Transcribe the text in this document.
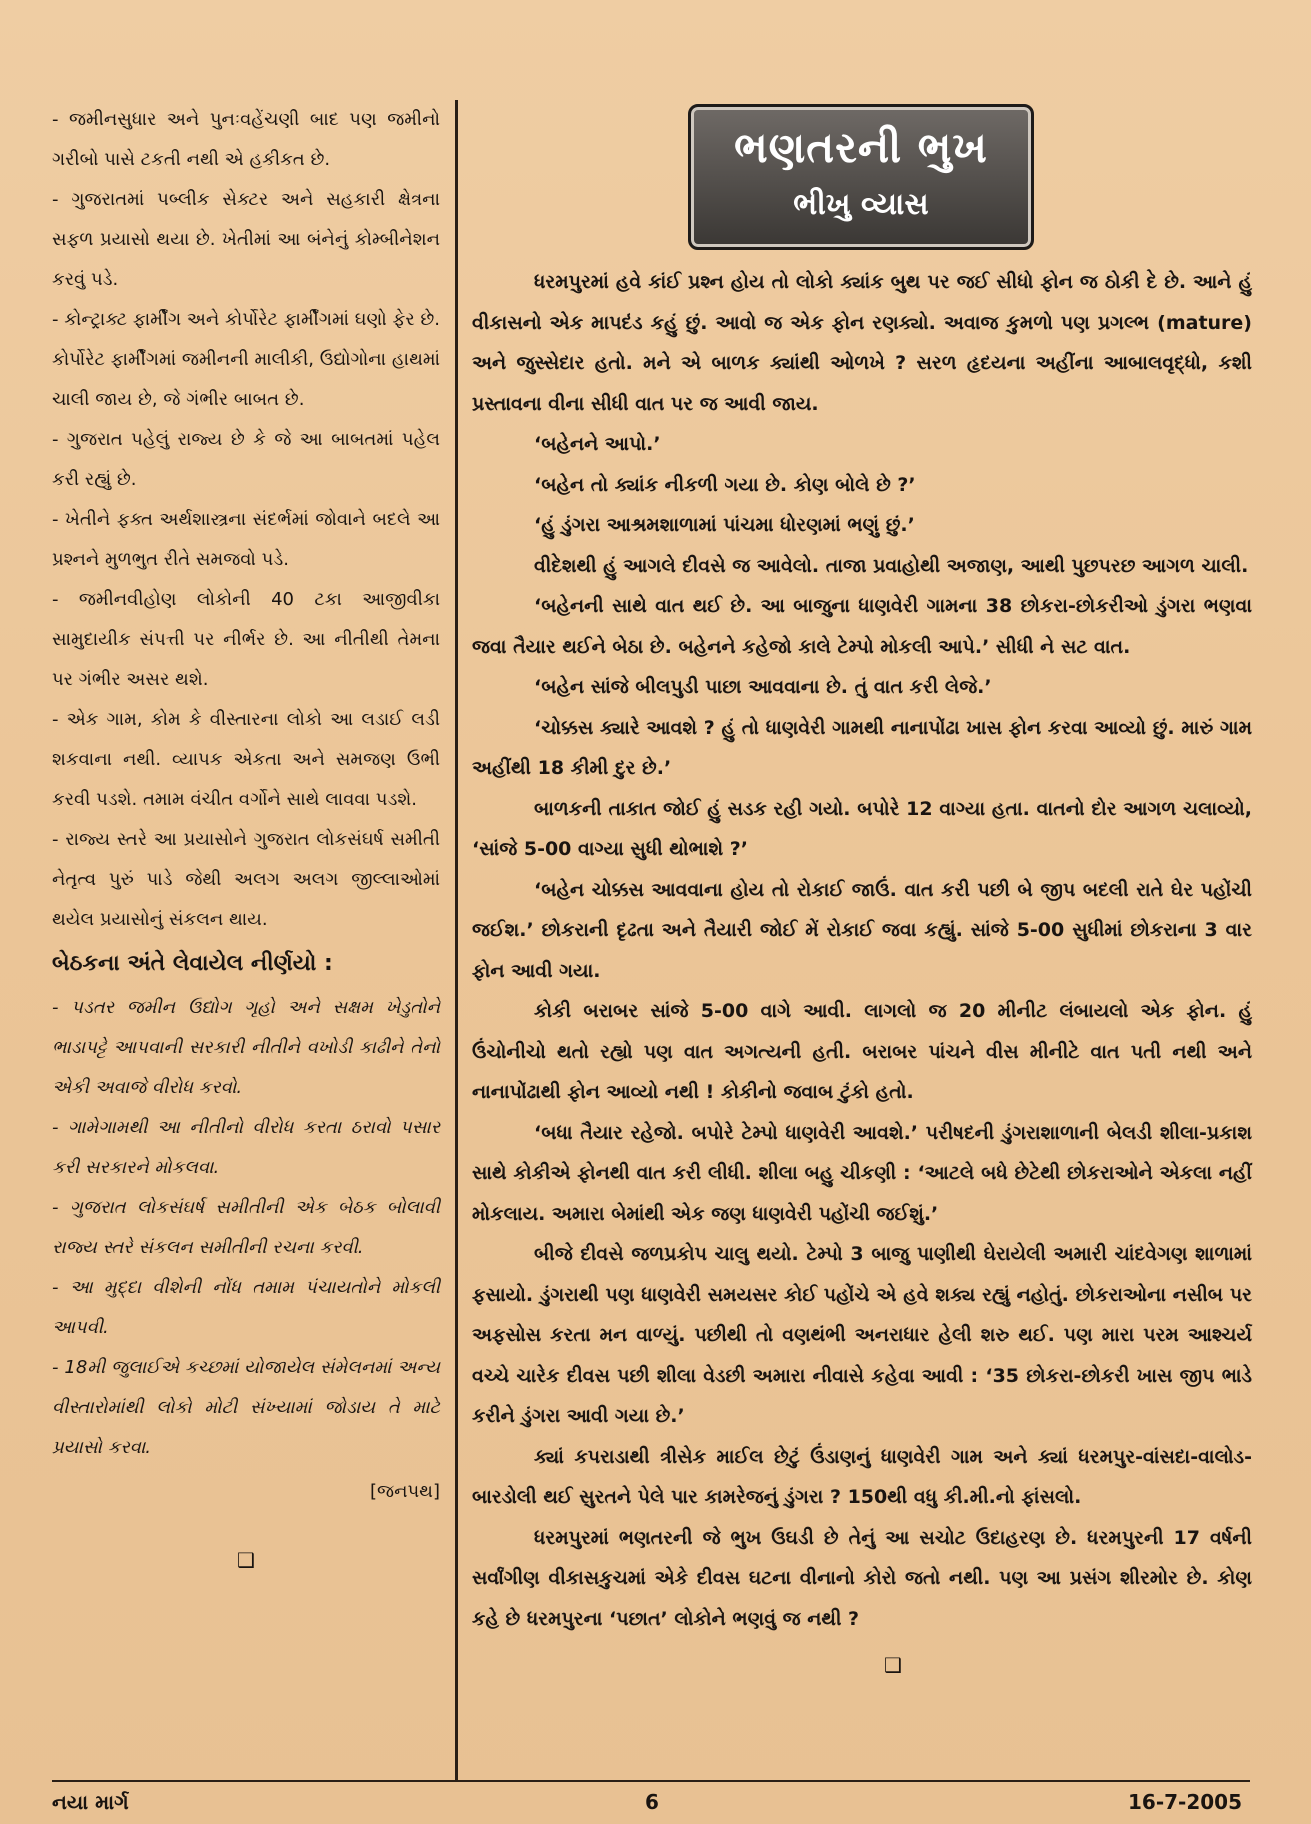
- જમીનસુધાર અને પુનઃવહેંચણી બાદ પણ જમીનો ગરીબો પાસે ટકતી નથી એ હકીકત છે.

- ગુજરાતમાં પબ્લીક સેક્ટર અને સહકારી ક્ષેત્રના સફળ પ્રયાસો થયા છે. ખેતીમાં આ બંનેનું કોમ્બીનેશન કરવું પડે.

- કોન્ટ્રાક્ટ ફાર્મીંગ અને કોર્પોરેટ ફાર્મીંગમાં ઘણો ફેર છે. કોર્પોરેટ ફાર્મીંગમાં જમીનની માલીકી, ઉદ્યોગોના હાથમાં ચાલી જાય છે, જે ગંભીર બાબત છે.

- ગુજરાત પહેલું રાજ્ય છે કે જે આ બાબતમાં પહેલ કરી રહ્યું છે.

- ખેતીને ફક્ત અર્થશાસ્ત્રના સંદર્ભમાં જોવાને બદલે આ પ્રશ્નને મુળભુત રીતે સમજવો પડે.

- જમીનવીહોણ લોકોની 40 ટકા આજીવીકા સામુદાયીક સંપત્તી પર નીર્ભર છે. આ નીતીથી તેમના પર ગંભીર અસર થશે.

- એક ગામ, કોમ કે વીસ્તારના લોકો આ લડાઈ લડી શકવાના નથી. વ્યાપક એકતા અને સમજણ ઉભી કરવી પડશે. તમામ વંચીત વર્ગોને સાથે લાવવા પડશે.

- રાજ્ય સ્તરે આ પ્રયાસોને ગુજરાત લોકસંઘર્ષ સમીતી નેતૃત્વ પુરું પાડે જેથી અલગ અલગ જીલ્લાઓમાં થયેલ પ્રયાસોનું સંકલન થાય.

બેઠકના અંતે લેવાયેલ નીર્ણયો :

- પડતર જમીન ઉદ્યોગ ગૃહો અને સક્ષમ ખેડુતોને ભાડાપટ્ટે આપવાની સરકારી નીતીને વખોડી કાઢીને તેનો એકી અવાજે વીરોધ કરવો.

- ગામેગામથી આ નીતીનો વીરોધ કરતા ઠરાવો પસાર કરી સરકારને મોકલવા.

- ગુજરાત લોકસંઘર્ષ સમીતીની એક બેઠક બોલાવી રાજ્ય સ્તરે સંકલન સમીતીની રચના કરવી.

- આ મુદ્દા વીશેની નોંધ તમામ પંચાયતોને મોકલી આપવી.

- 18મી જુલાઈએ કચ્છમાં યોજાયેલ સંમેલનમાં અન્ય વીસ્તારોમાંથી લોકો મોટી સંખ્યામાં જોડાય તે માટે પ્રયાસો કરવા.

[જનપથ]

❑

ભણતરની ભુખ
ભીખુ વ્યાસ

ધરમપુરમાં હવે કાંઈ પ્રશ્ન હોય તો લોકો ક્યાંક બુથ પર જઈ સીધો ફોન જ ઠોકી દે છે. આને હું વીકાસનો એક માપદંડ કહું છું. આવો જ એક ફોન રણક્યો. અવાજ કુમળો પણ પ્રગલ્ભ (mature) અને જુસ્સેદાર હતો. મને એ બાળક ક્યાંથી ઓળખે ? સરળ હૃદયના અહીંના આબાલવૃદ્ધો, કશી પ્રસ્તાવના વીના સીધી વાત પર જ આવી જાય.

‘બહેનને આપો.’

‘બહેન તો ક્યાંક નીકળી ગયા છે. કોણ બોલે છે ?’

‘હું ડુંગરા આશ્રમશાળામાં પાંચમા ધોરણમાં ભણું છું.’

વીદેશથી હું આગલે દીવસે જ આવેલો. તાજા પ્રવાહોથી અજાણ, આથી પુછપરછ આગળ ચાલી.

‘બહેનની સાથે વાત થઈ છે. આ બાજુના ધાણવેરી ગામના 38 છોકરા-છોકરીઓ ડુંગરા ભણવા જવા તૈયાર થઈને બેઠા છે. બહેનને કહેજો કાલે ટેમ્પો મોકલી આપે.’ સીધી ને સટ વાત.

‘બહેન સાંજે બીલપુડી પાછા આવવાના છે. તું વાત કરી લેજે.’

‘ચોક્કસ ક્યારે આવશે ? હું તો ધાણવેરી ગામથી નાનાપોંઢા ખાસ ફોન કરવા આવ્યો છું. મારું ગામ અહીંથી 18 કીમી દુર છે.’

બાળકની તાકાત જોઈ હું સડક રહી ગયો. બપોરે 12 વાગ્યા હતા. વાતનો દોર આગળ ચલાવ્યો, ‘સાંજે 5-00 વાગ્યા સુધી થોભાશે ?’

‘બહેન ચોક્કસ આવવાના હોય તો રોકાઈ જાઉં. વાત કરી પછી બે જીપ બદલી રાતે ઘેર પહોંચી જઈશ.’ છોકરાની દૃઢતા અને તૈયારી જોઈ મેં રોકાઈ જવા કહ્યું. સાંજે 5-00 સુધીમાં છોકરાના 3 વાર ફોન આવી ગયા.

કોકી બરાબર સાંજે 5-00 વાગે આવી. લાગલો જ 20 મીનીટ લંબાયલો એક ફોન. હું ઉંચોનીચો થતો રહ્યો પણ વાત અગત્યની હતી. બરાબર પાંચને વીસ મીનીટે વાત પતી નથી અને નાનાપોંઢાથી ફોન આવ્યો નથી ! કોકીનો જવાબ ટુંકો હતો.

‘બધા તૈયાર રહેજો. બપોરે ટેમ્પો ધાણવેરી આવશે.’ પરીષદની ડુંગરાશાળાની બેલડી શીલા-પ્રકાશ સાથે કોકીએ ફોનથી વાત કરી લીધી. શીલા બહુ ચીકણી : ‘આટલે બધે છેટેથી છોકરાઓને એકલા નહીં મોકલાય. અમારા બેમાંથી એક જણ ધાણવેરી પહોંચી જઈશું.’

બીજે દીવસે જળપ્રકોપ ચાલુ થયો. ટેમ્પો 3 બાજુ પાણીથી ઘેરાયેલી અમારી ચાંદવેગણ શાળામાં ફસાયો. ડુંગરાથી પણ ધાણવેરી સમયસર કોઈ પહોંચે એ હવે શક્ય રહ્યું નહોતું. છોકરાઓના નસીબ પર અફસોસ કરતા મન વાળ્યું. પછીથી તો વણથંભી અનરાધાર હેલી શરુ થઈ. પણ મારા પરમ આશ્ચર્ય વચ્ચે ચારેક દીવસ પછી શીલા વેડછી અમારા નીવાસે કહેવા આવી : ‘35 છોકરા-છોકરી ખાસ જીપ ભાડે કરીને ડુંગરા આવી ગયા છે.’

ક્યાં કપરાડાથી ત્રીસેક માઈલ છેટું ઉંડાણનું ધાણવેરી ગામ અને ક્યાં ધરમપુર-વાંસદા-વાલોડ-બારડોલી થઈ સુરતને પેલે પાર કામરેજનું ડુંગરા ? 150થી વધુ કી.મી.નો ફાંસલો.

ધરમપુરમાં ભણતરની જે ભુખ ઉઘડી છે તેનું આ સચોટ ઉદાહરણ છે. ધરમપુરની 17 વર્ષની સર્વાંગીણ વીકાસકુચમાં એકે દીવસ ઘટના વીનાનો કોરો જતો નથી. પણ આ પ્રસંગ શીરમોર છે. કોણ કહે છે ધરમપુરના ‘પછાત’ લોકોને ભણવું જ નથી ?

❑

નયા માર્ગ	6	16-7-2005
